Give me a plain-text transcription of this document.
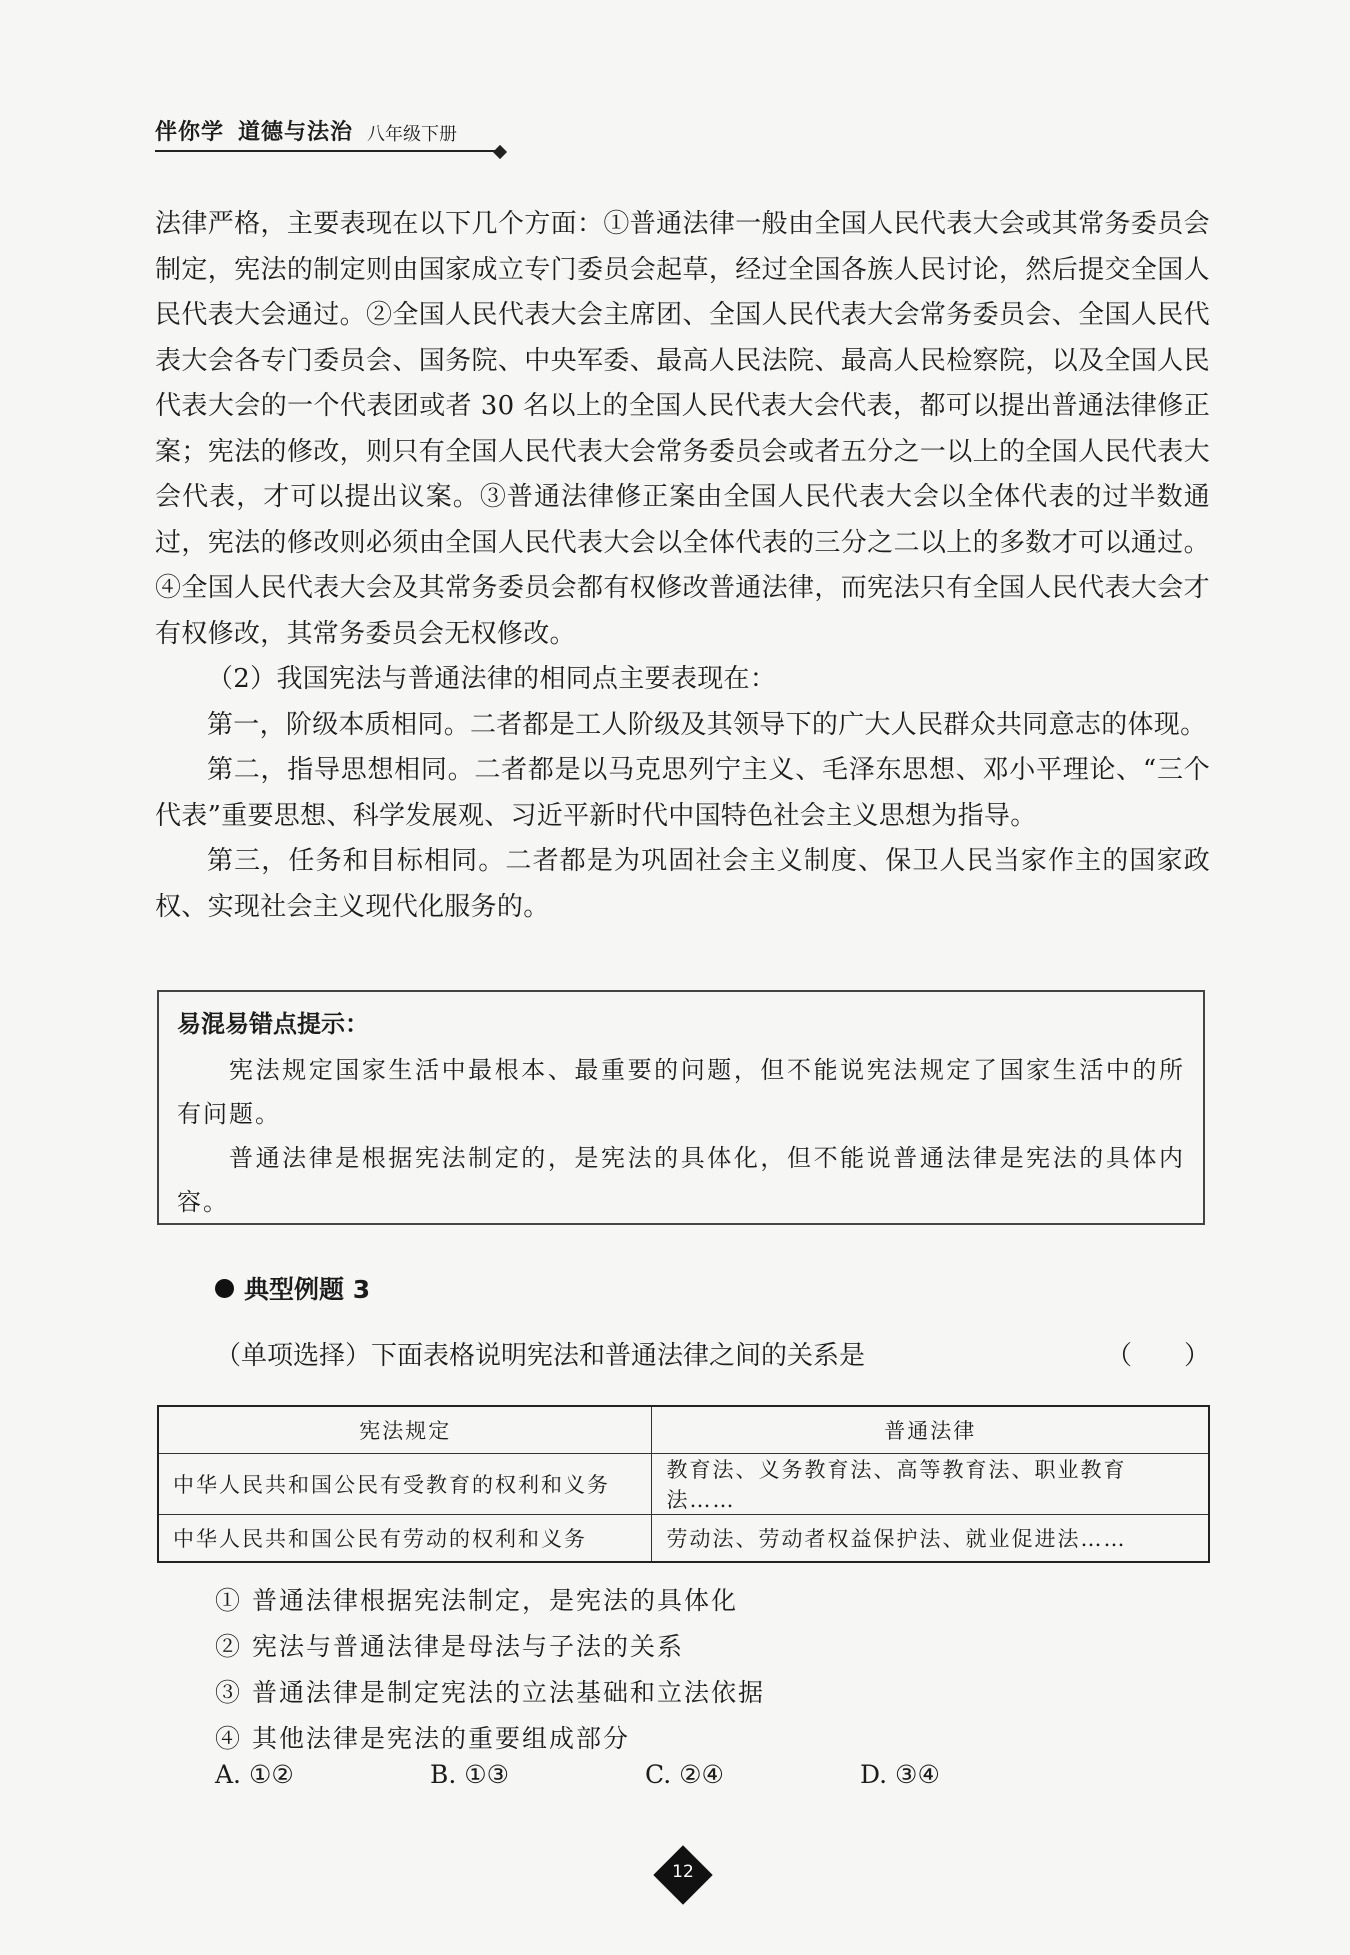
伴你学 道德与法治 八年级下册

法律严格，主要表现在以下几个方面：①普通法律一般由全国人民代表大会或其常务委员会制定，宪法的制定则由国家成立专门委员会起草，经过全国各族人民讨论，然后提交全国人民代表大会通过。②全国人民代表大会主席团、全国人民代表大会常务委员会、全国人民代表大会各专门委员会、国务院、中央军委、最高人民法院、最高人民检察院，以及全国人民代表大会的一个代表团或者 30 名以上的全国人民代表大会代表，都可以提出普通法律修正案；宪法的修改，则只有全国人民代表大会常务委员会或者五分之一以上的全国人民代表大会代表，才可以提出议案。③普通法律修正案由全国人民代表大会以全体代表的过半数通过，宪法的修改则必须由全国人民代表大会以全体代表的三分之二以上的多数才可以通过。④全国人民代表大会及其常务委员会都有权修改普通法律，而宪法只有全国人民代表大会才有权修改，其常务委员会无权修改。

（2）我国宪法与普通法律的相同点主要表现在：

第一，阶级本质相同。二者都是工人阶级及其领导下的广大人民群众共同意志的体现。

第二，指导思想相同。二者都是以马克思列宁主义、毛泽东思想、邓小平理论、“三个代表”重要思想、科学发展观、习近平新时代中国特色社会主义思想为指导。

第三，任务和目标相同。二者都是为巩固社会主义制度、保卫人民当家作主的国家政权、实现社会主义现代化服务的。

易混易错点提示：

宪法规定国家生活中最根本、最重要的问题，但不能说宪法规定了国家生活中的所有问题。

普通法律是根据宪法制定的，是宪法的具体化，但不能说普通法律是宪法的具体内容。

典型例题 3
（单项选择）下面表格说明宪法和普通法律之间的关系是	（　　）
宪法规定	普通法律
中华人民共和国公民有受教育的权利和义务	教育法、义务教育法、高等教育法、职业教育法……
中华人民共和国公民有劳动的权利和义务	劳动法、劳动者权益保护法、就业促进法……

① 普通法律根据宪法制定，是宪法的具体化

② 宪法与普通法律是母法与子法的关系

③ 普通法律是制定宪法的立法基础和立法依据

④ 其他法律是宪法的重要组成部分

A. ①②	B. ①③	C. ②④	D. ③④
12
